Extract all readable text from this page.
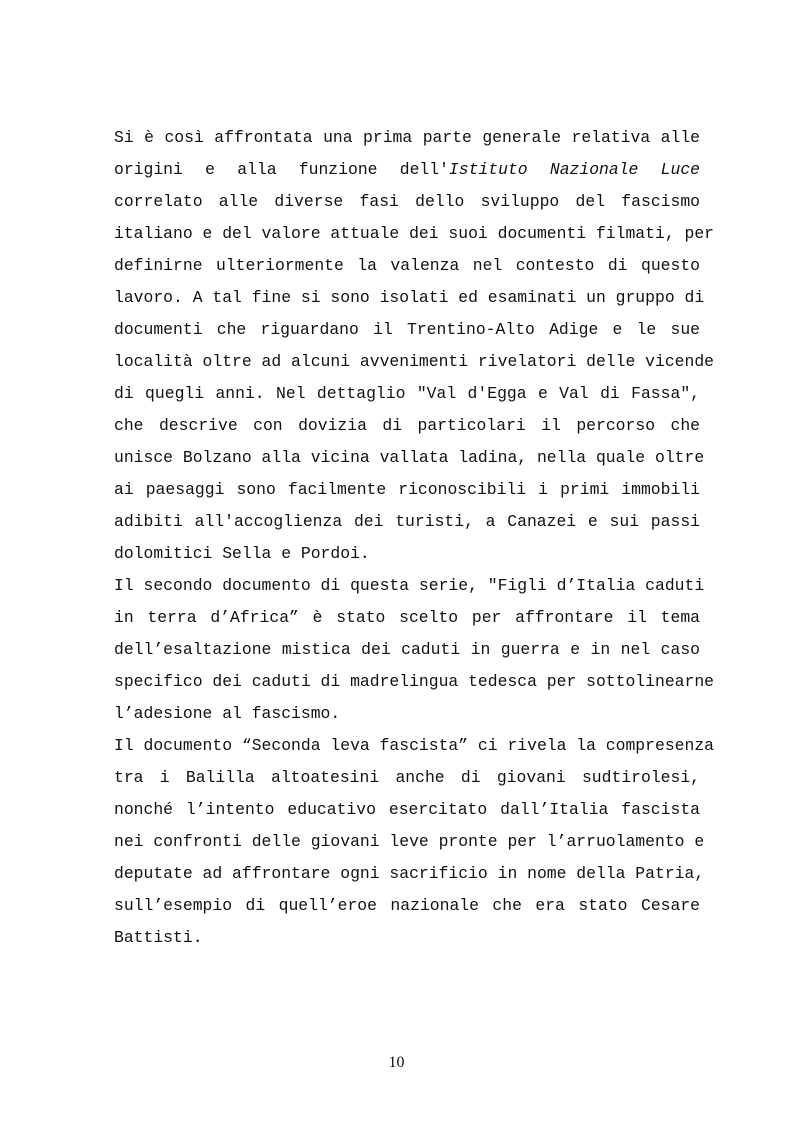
Si è così affrontata una prima parte generale relativa alle
origini e alla funzione dell'Istituto Nazionale Luce
correlato alle diverse fasi dello sviluppo del fascismo
italiano e del valore attuale dei suoi documenti filmati, per
definirne ulteriormente la valenza nel contesto di questo
lavoro. A tal fine si sono isolati ed esaminati un gruppo di
documenti che riguardano il Trentino-Alto Adige e le sue
località oltre ad alcuni avvenimenti rivelatori delle vicende
di quegli anni. Nel dettaglio "Val d'Egga e Val di Fassa",
che descrive con dovizia di particolari il percorso che
unisce Bolzano alla vicina vallata ladina, nella quale oltre
ai paesaggi sono facilmente riconoscibili i primi immobili
adibiti all'accoglienza dei turisti, a Canazei e sui passi
dolomitici Sella e Pordoi.
Il secondo documento di questa serie, "Figli d’Italia caduti
in terra d’Africa” è stato scelto per affrontare il tema
dell’esaltazione mistica dei caduti in guerra e in nel caso
specifico dei caduti di madrelingua tedesca per sottolinearne
l’adesione al fascismo.
Il documento “Seconda leva fascista” ci rivela la compresenza
tra i Balilla altoatesini anche di giovani sudtirolesi,
nonché l’intento educativo esercitato dall’Italia fascista
nei confronti delle giovani leve pronte per l’arruolamento e
deputate ad affrontare ogni sacrificio in nome della Patria,
sull’esempio di quell’eroe nazionale che era stato Cesare
Battisti.
10
